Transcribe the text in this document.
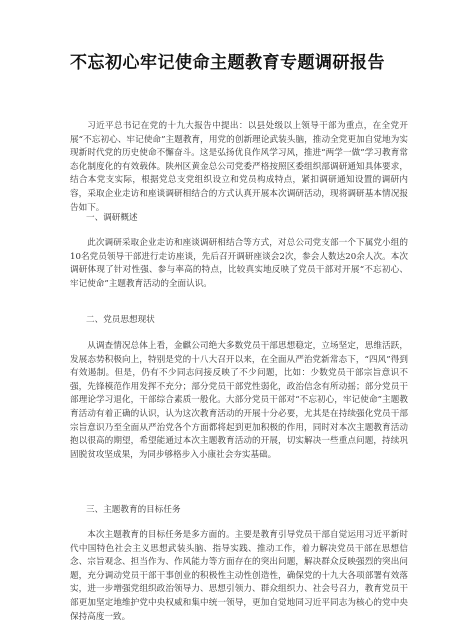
不忘初心牢记使命主题教育专题调研报告

习近平总书记在党的十九大报告中提出：以县处级以上领导干部为重点，在全党开展“不忘初心、牢记使命”主题教育，用党的创新理论武装头脑，推动全党更加自觉地为实现新时代党的历史使命不懈奋斗。这是弘扬优良作风学习风，推进“两学一做”学习教育常态化制度化的有效载体。陕州区黄金总公司党委严格按照区委组织部调研通知具体要求，结合本党支实际，根据党总支党组织设立和党员构成特点，紧扣调研通知设置的调研内容，采取企业走访和座谈调研相结合的方式认真开展本次调研活动，现将调研基本情况报告如下。

一、调研概述

此次调研采取企业走访和座谈调研相结合等方式，对总公司党支部一个下属党小组的10名党员领导干部进行走访座谈，先后召开调研座谈会2次，参会人数达20余人次。本次调研体现了针对性强、参与率高的特点，比较真实地反映了党员干部对开展“不忘初心、牢记使命”主题教育活动的全面认识。

二、党员思想现状

从调查情况总体上看，金麒公司绝大多数党员干部思想稳定，立场坚定，思维活跃，发展态势积极向上，特别是党的十八大召开以来，在全面从严治党新常态下，“四风”得到有效遏制。但是，仍有不少同志问接反映了不少问题，比如：少数党员干部宗旨意识不强，先锋模范作用发挥不充分；部分党员干部党性弱化，政治信念有所动摇；部分党员干部理论学习退化，干部综合素质一般化。大部分党员干部对“不忘初心，牢记使命”主题教育活动有着正确的认识，认为这次教育活动的开展十分必要，尤其是在持续强化党员干部宗旨意识乃至全面从严治党各个方面都将起到更加积极的作用，同时对本次主题教育活动抱以很高的期望，希望能通过本次主题教育活动的开展，切实解决一些重点问题，持续巩固脱贫攻坚成果，为同步够格步入小康社会夯实基础。

三、主题教育的目标任务

本次主题教育的目标任务是多方面的。主要是教育引导党员干部自觉运用习近平新时代中国特色社会主义思想武装头脑、指导实践、推动工作，着力解决党员干部在思想信念、宗旨观念、担当作为、作风能力等方面存在的突出问题，解决群众反映强烈的突出问题，充分调动党员干部干事创业的积极性主动性创造性，确保党的十九大各项部署有效落实，进一步增强党组织政治领导力、思想引领力、群众组织力、社会号召力，教育党员干部更加坚定地维护党中央权威和集中统一领导，更加自觉地同习近平同志为核心的党中央保持高度一致。
